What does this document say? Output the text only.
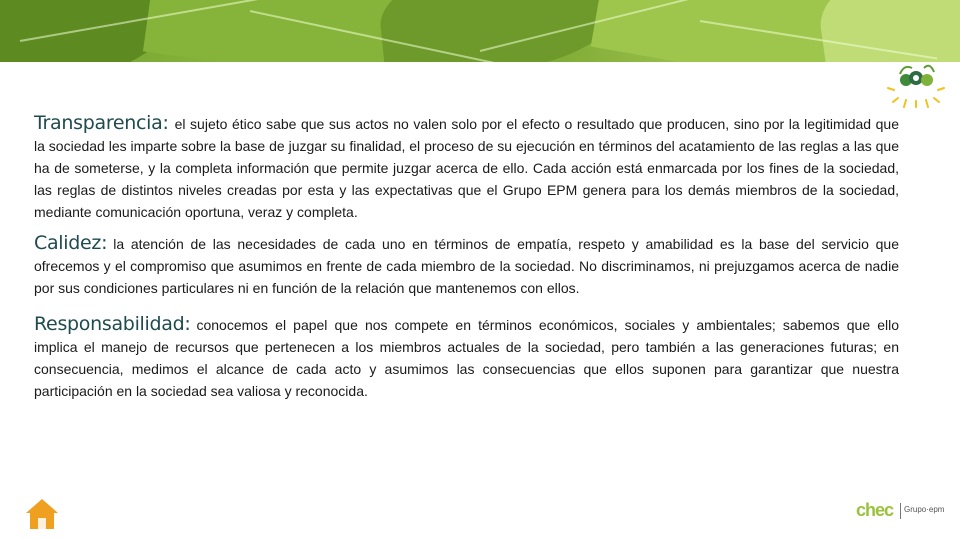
Transparencia: el sujeto ético sabe que sus actos no valen solo por el efecto o resultado que producen, sino por la legitimidad que la sociedad les imparte sobre la base de juzgar su finalidad, el proceso de su ejecución en términos del acatamiento de las reglas a las que ha de someterse, y la completa información que permite juzgar acerca de ello. Cada acción está enmarcada por los fines de la sociedad, las reglas de distintos niveles creadas por esta y las expectativas que el Grupo EPM genera para los demás miembros de la sociedad, mediante comunicación oportuna, veraz y completa.

Calidez: la atención de las necesidades de cada uno en términos de empatía, respeto y amabilidad es la base del servicio que ofrecemos y el compromiso que asumimos en frente de cada miembro de la sociedad. No discriminamos, ni prejuzgamos acerca de nadie por sus condiciones particulares ni en función de la relación que mantenemos con ellos.

Responsabilidad: conocemos el papel que nos compete en términos económicos, sociales y ambientales; sabemos que ello implica el manejo de recursos que pertenecen a los miembros actuales de la sociedad, pero también a las generaciones futuras; en consecuencia, medimos el alcance de cada acto y asumimos las consecuencias que ellos suponen para garantizar que nuestra participación en la sociedad sea valiosa y reconocida.

chec Grupo·epm
